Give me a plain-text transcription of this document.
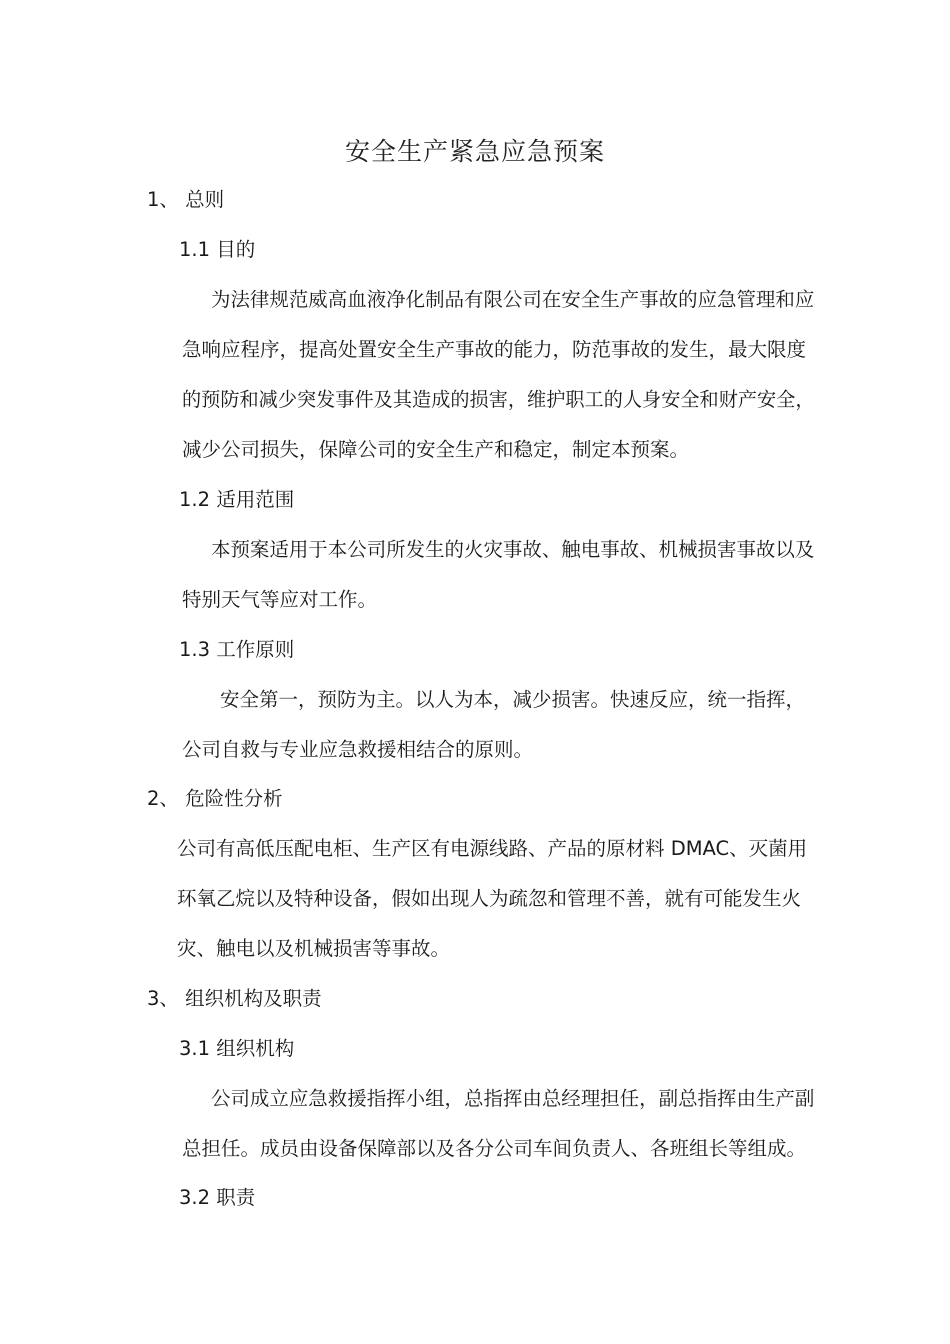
安全生产紧急应急预案
1、 总则
1.1 目的
为法律规范威高血液净化制品有限公司在安全生产事故的应急管理和应
急响应程序，提高处置安全生产事故的能力，防范事故的发生，最大限度
的预防和减少突发事件及其造成的损害，维护职工的人身安全和财产安全，
减少公司损失，保障公司的安全生产和稳定，制定本预案。
1.2 适用范围
本预案适用于本公司所发生的火灾事故、触电事故、机械损害事故以及
特别天气等应对工作。
1.3 工作原则
安全第一，预防为主。以人为本，减少损害。快速反应，统一指挥，
公司自救与专业应急救援相结合的原则。
2、 危险性分析
公司有高低压配电柜、生产区有电源线路、产品的原材料 DMAC、灭菌用
环氧乙烷以及特种设备，假如出现人为疏忽和管理不善，就有可能发生火
灾、触电以及机械损害等事故。
3、 组织机构及职责
3.1 组织机构
公司成立应急救援指挥小组，总指挥由总经理担任，副总指挥由生产副
总担任。成员由设备保障部以及各分公司车间负责人、各班组长等组成。
3.2 职责
